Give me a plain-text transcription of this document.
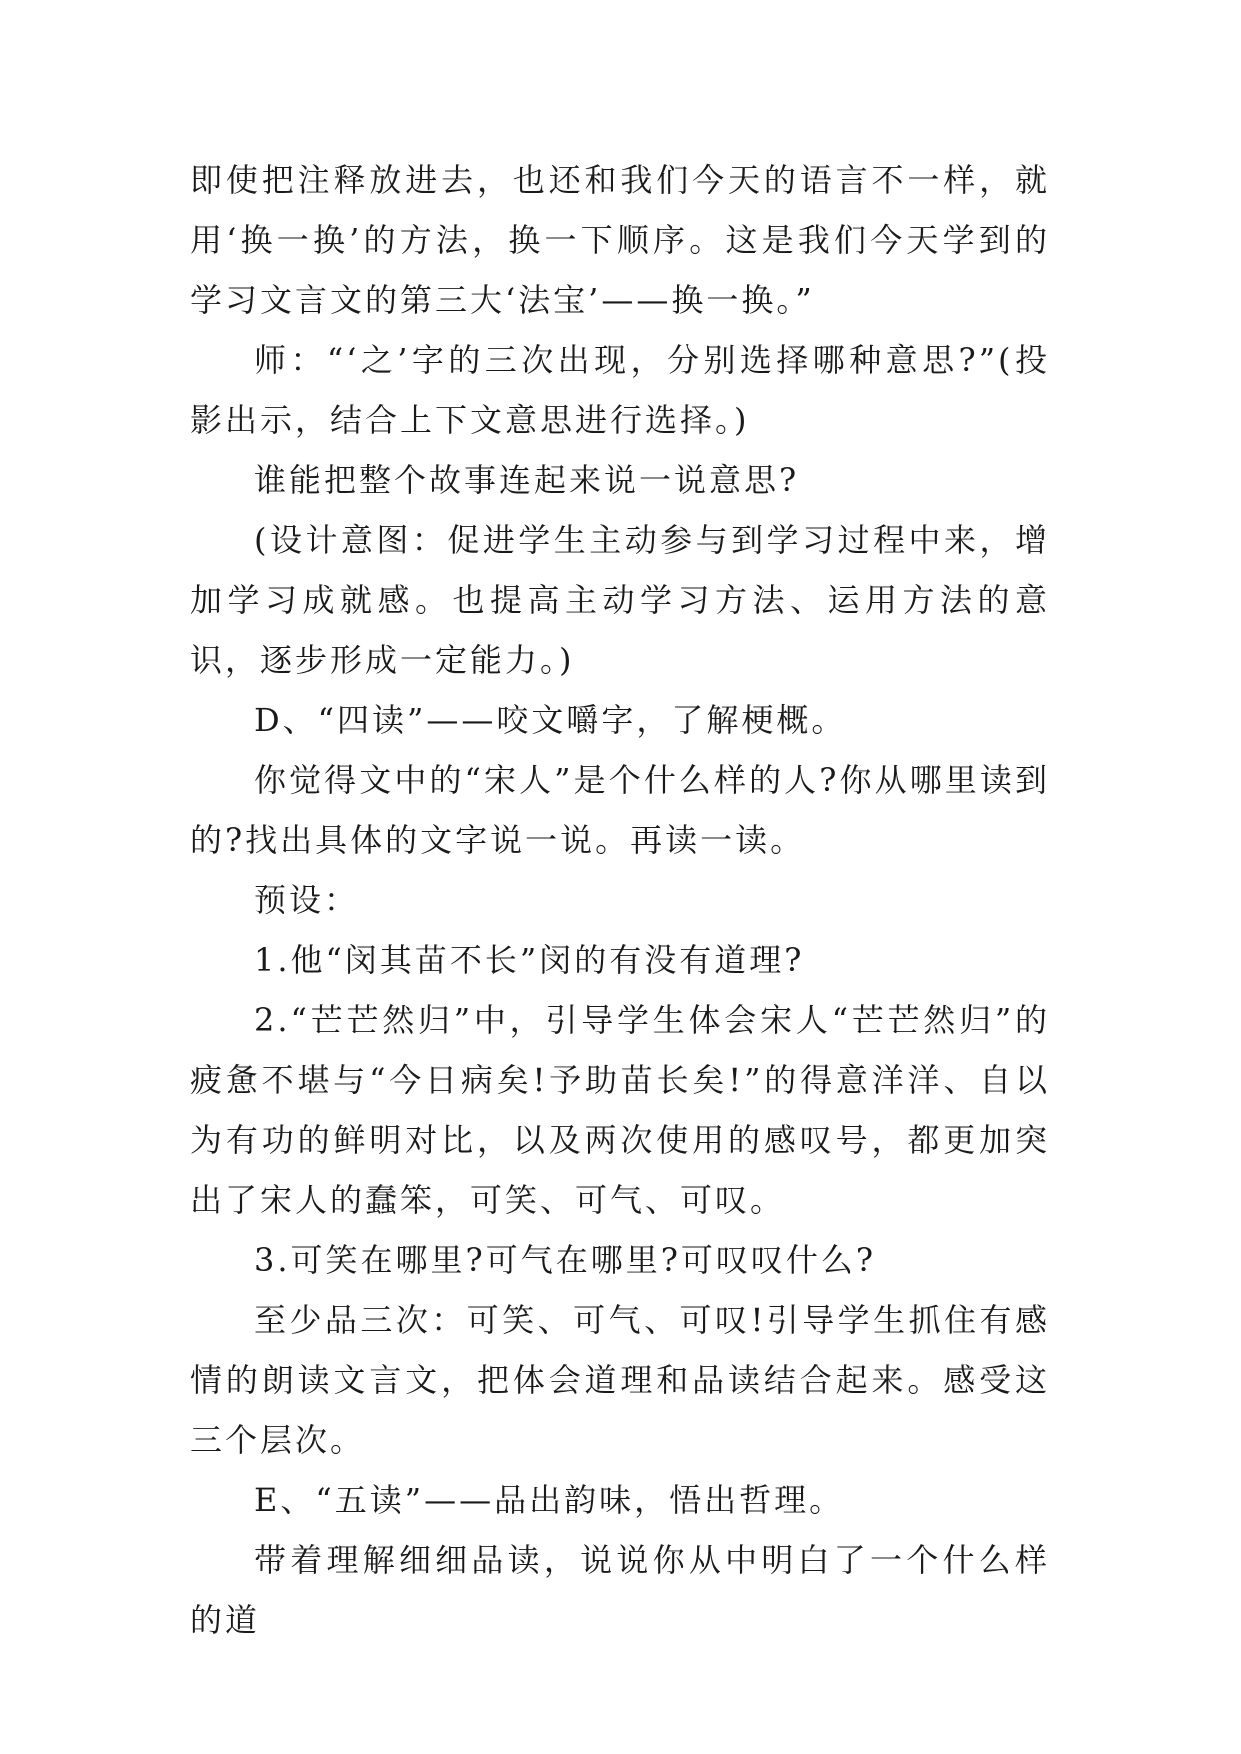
即使把注释放进去，也还和我们今天的语言不一样，就用‘换一换’的方法，换一下顺序。这是我们今天学到的学习文言文的第三大‘法宝’——换一换。”

师：“‘之’字的三次出现，分别选择哪种意思?”(投影出示，结合上下文意思进行选择。)

谁能把整个故事连起来说一说意思?

(设计意图：促进学生主动参与到学习过程中来，增加学习成就感。也提高主动学习方法、运用方法的意识，逐步形成一定能力。)

D、“四读”——咬文嚼字，了解梗概。

你觉得文中的“宋人”是个什么样的人?你从哪里读到的?找出具体的文字说一说。再读一读。

预设：

1.他“闵其苗不长”闵的有没有道理?

2.“芒芒然归”中，引导学生体会宋人“芒芒然归”的疲惫不堪与“今日病矣!予助苗长矣!”的得意洋洋、自以为有功的鲜明对比，以及两次使用的感叹号，都更加突出了宋人的蠢笨，可笑、可气、可叹。

3.可笑在哪里?可气在哪里?可叹叹什么?

至少品三次：可笑、可气、可叹!引导学生抓住有感情的朗读文言文，把体会道理和品读结合起来。感受这三个层次。

E、“五读”——品出韵味，悟出哲理。

带着理解细细品读，说说你从中明白了一个什么样的道
